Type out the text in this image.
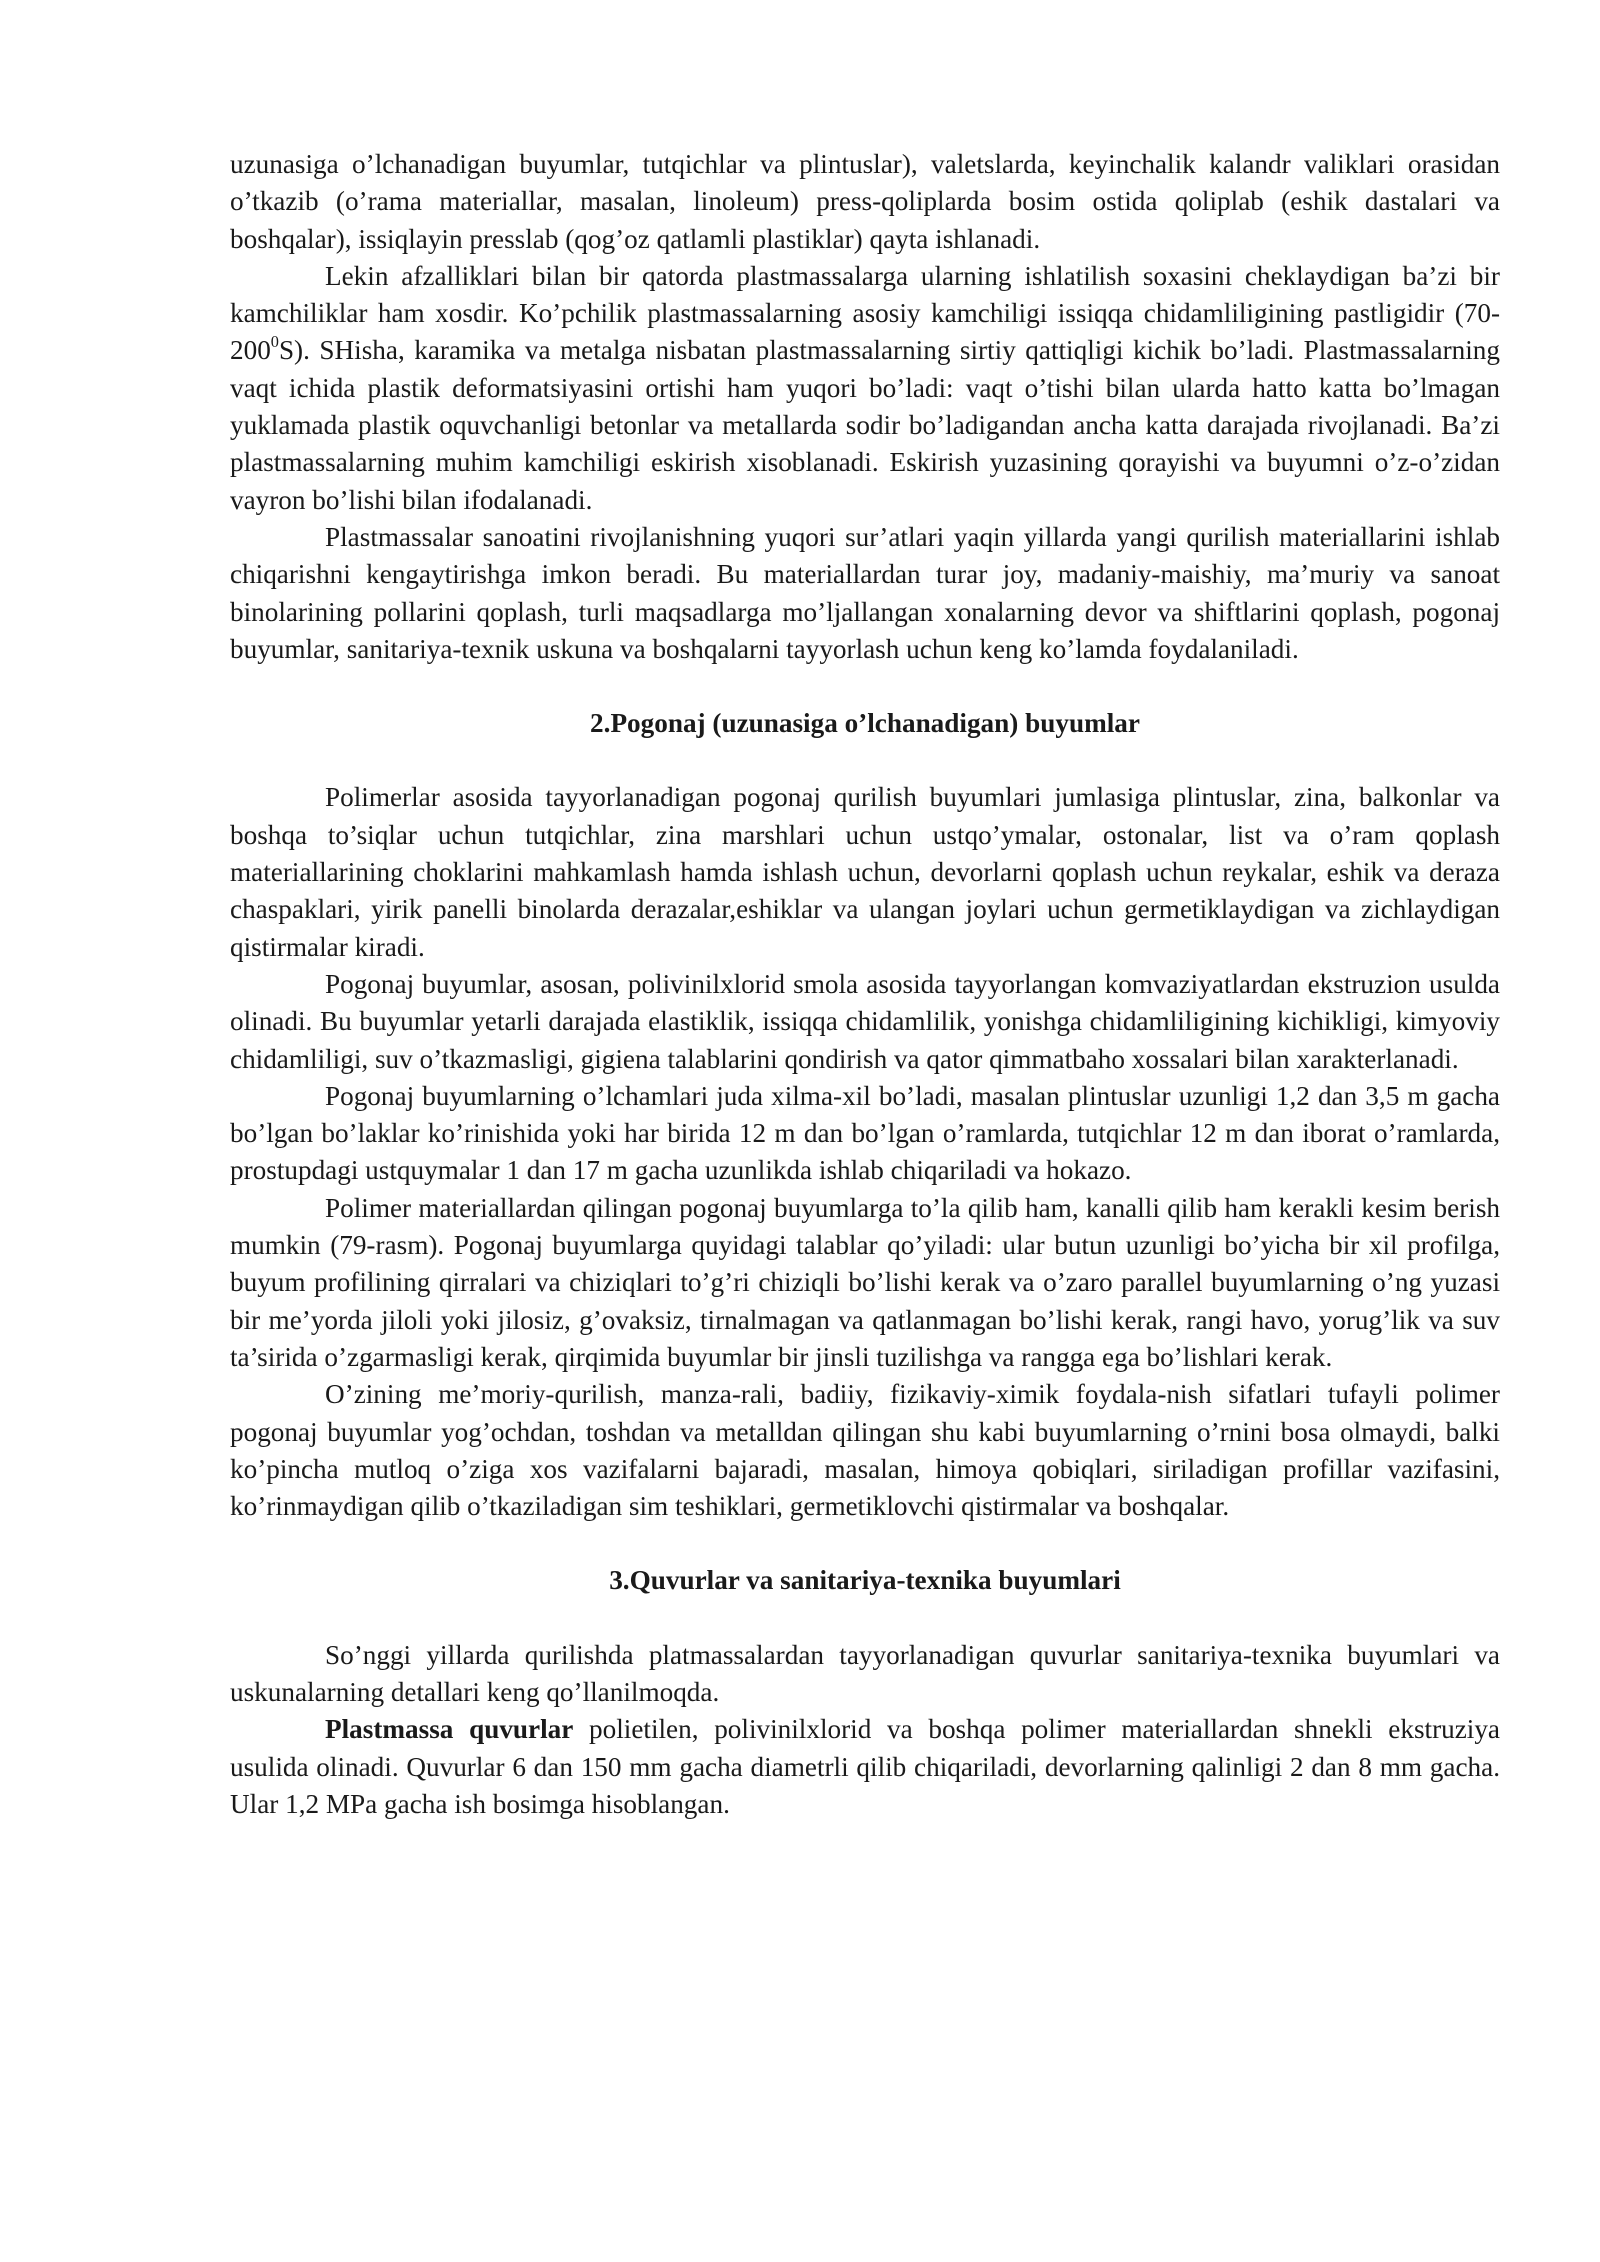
uzunasiga o’lchanadigan buyumlar, tutqichlar va plintuslar), valetslarda, keyinchalik kalandr valiklari orasidan o’tkazib (o’rama materiallar, masalan, linoleum) press-qoliplarda bosim ostida qoliplab (eshik dastalari va boshqalar), issiqlayin presslab (qog’oz qatlamli plastiklar) qayta ishlanadi.

Lekin afzalliklari bilan bir qatorda plastmassalarga ularning ishlatilish soxasini cheklaydigan ba’zi bir kamchiliklar ham xosdir. Ko’pchilik plastmassalarning asosiy kamchiligi issiqqa chidamliligining pastligidir $(70-200^0S)$. SHisha, karamika va metalga nisbatan plastmassalarning sirtiy qattiqligi kichik bo’ladi. Plastmassalarning vaqt ichida plastik deformatsiyasini ortishi ham yuqori bo’ladi: vaqt o’tishi bilan ularda hatto katta bo’lmagan yuklamada plastik oquvchanligi betonlar va metallarda sodir bo’ladigandan ancha katta darajada rivojlanadi. Ba’zi plastmassalarning muhim kamchiligi eskirish xisoblanadi. Eskirish yuzasining qorayishi va buyumni o’z-o’zidan vayron bo’lishi bilan ifodalanadi.

Plastmassalar sanoatini rivojlanishning yuqori sur’atlari yaqin yillarda yangi qurilish materiallarini ishlab chiqarishni kengaytirishga imkon beradi. Bu materiallardan turar joy, madaniy-maishiy, ma’muriy va sanoat binolarining pollarini qoplash, turli maqsadlarga mo’ljallangan xonalarning devor va shiftlarini qoplash, pogonaj buyumlar, sanitariya-texnik uskuna va boshqalarni tayyorlash uchun keng ko’lamda foydalaniladi.

2.Pogonaj (uzunasiga o’lchanadigan) buyumlar

Polimerlar asosida tayyorlanadigan pogonaj qurilish buyumlari jumlasiga plintuslar, zina, balkonlar va boshqa to’siqlar uchun tutqichlar, zina marshlari uchun ustqo’ymalar, ostonalar, list va o’ram qoplash materiallarining choklarini mahkamlash hamda ishlash uchun, devorlarni qoplash uchun reykalar, eshik va deraza chaspaklari, yirik panelli binolarda derazalar,eshiklar va ulangan joylari uchun germetiklaydigan va zichlaydigan qistirmalar kiradi.

Pogonaj buyumlar, asosan, polivinilxlorid smola asosida tayyorlangan komvaziyatlardan ekstruzion usulda olinadi. Bu buyumlar yetarli darajada elastiklik, issiqqa chidamlilik, yonishga chidamliligining kichikligi, kimyoviy chidamliligi, suv o’tkazmasligi, gigiena talablarini qondirish va qator qimmatbaho xossalari bilan xarakterlanadi.

Pogonaj buyumlarning o’lchamlari juda xilma-xil bo’ladi, masalan plintuslar uzunligi 1,2 dan 3,5 m gacha bo’lgan bo’laklar ko’rinishida yoki har birida 12 m dan bo’lgan o’ramlarda, tutqichlar 12 m dan iborat o’ramlarda, prostupdagi ustquymalar 1 dan 17 m gacha uzunlikda ishlab chiqariladi va hokazo.

Polimer materiallardan qilingan pogonaj buyumlarga to’la qilib ham, kanalli qilib ham kerakli kesim berish mumkin (79-rasm). Pogonaj buyumlarga quyidagi talablar qo’yiladi: ular butun uzunligi bo’yicha bir xil profilga, buyum profilining qirralari va chiziqlari to’g’ri chiziqli bo’lishi kerak va o’zaro parallel buyumlarning o’ng yuzasi bir me’yorda jiloli yoki jilosiz, g’ovaksiz, tirnalmagan va qatlanmagan bo’lishi kerak, rangi havo, yorug’lik va suv ta’sirida o’zgarmasligi kerak, qirqimida buyumlar bir jinsli tuzilishga va rangga ega bo’lishlari kerak.

O’zining me’moriy-qurilish, manza-rali, badiiy, fizikaviy-ximik foydala-nish sifatlari tufayli polimer pogonaj buyumlar yog’ochdan, toshdan va metalldan qilingan shu kabi buyumlarning o’rnini bosa olmaydi, balki ko’pincha mutloq o’ziga xos vazifalarni bajaradi, masalan, himoya qobiqlari, siriladigan profillar vazifasini, ko’rinmaydigan qilib o’tkaziladigan sim teshiklari, germetiklovchi qistirmalar va boshqalar.

3.Quvurlar va sanitariya-texnika buyumlari

So’nggi yillarda qurilishda platmassalardan tayyorlanadigan quvurlar sanitariya-texnika buyumlari va uskunalarning detallari keng qo’llanilmoqda.

Plastmassa quvurlar polietilen, polivinilxlorid va boshqa polimer materiallardan shnekli ekstruziya usulida olinadi. Quvurlar 6 dan 150 mm gacha diametrli qilib chiqariladi, devorlarning qalinligi 2 dan 8 mm gacha. Ular 1,2 MPa gacha ish bosimga hisoblangan.
